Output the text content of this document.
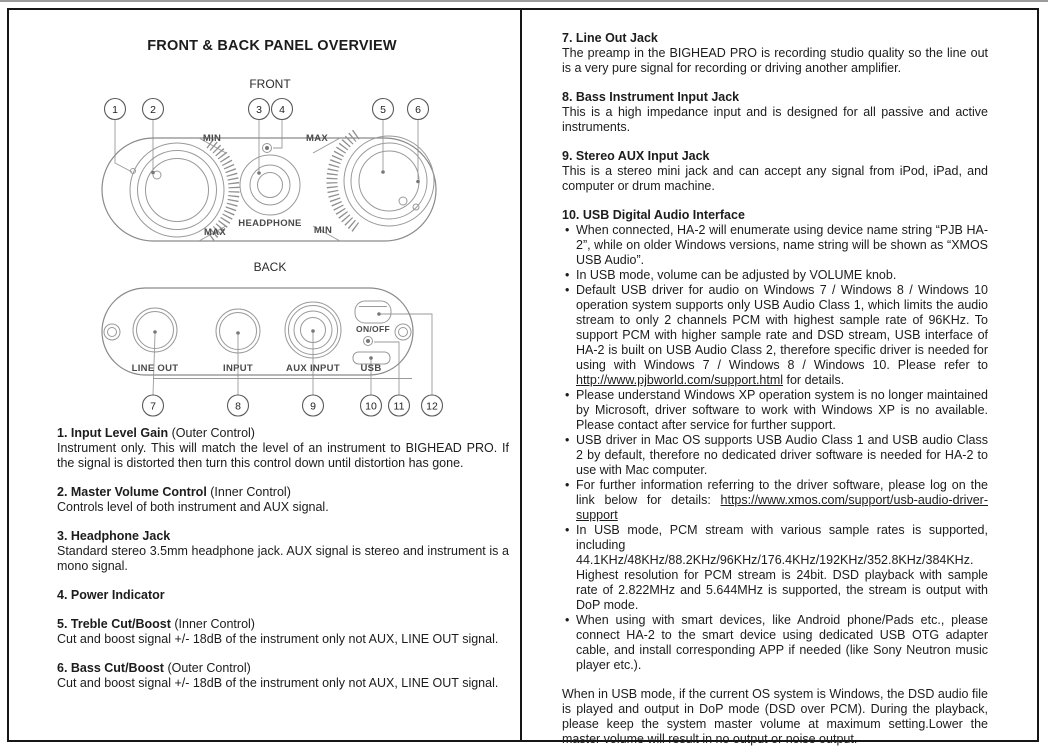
FRONT & BACK PANEL OVERVIEW
FRONT
BACK
MIN
MAX
MAX
MIN
HEADPHONE
1	2	3 4	5	6
LINE OUT	INPUT	AUX INPUT USB
ON/OFF
7	8	9	10 11 12

1. Input Level Gain (Outer Control)

Instrument only. This will match the level of an instrument to BIGHEAD PRO. If the signal is distorted then turn this control down until distortion has gone.

2. Master Volume Control (Inner Control)

Controls level of both instrument and AUX signal.

3. Headphone Jack

Standard stereo 3.5mm headphone jack. AUX signal is stereo and instrument is a mono signal.

4. Power Indicator

5. Treble Cut/Boost (Inner Control)

Cut and boost signal +/- 18dB of the instrument only not AUX, LINE OUT signal.

6. Bass Cut/Boost (Outer Control)

Cut and boost signal +/- 18dB of the instrument only not AUX, LINE OUT signal.

7. Line Out Jack

The preamp in the BIGHEAD PRO is recording studio quality so the line out is a very pure signal for recording or driving another amplifier.

8. Bass Instrument Input Jack

This is a high impedance input and is designed for all passive and active instruments.

9. Stereo AUX Input Jack

This is a stereo mini jack and can accept any signal from iPod, iPad, and computer or drum machine.

10. USB Digital Audio Interface

• When connected, HA-2 will enumerate using device name string “PJB HA-2”, while on older Windows versions, name string will be shown as “XMOS USB Audio”.
• In USB mode, volume can be adjusted by VOLUME knob.
• Default USB driver for audio on Windows 7 / Windows 8 / Windows 10 operation system supports only USB Audio Class 1, which limits the audio stream to only 2 channels PCM with highest sample rate of 96KHz. To support PCM with higher sample rate and DSD stream, USB interface of HA-2 is built on USB Audio Class 2, therefore specific driver is needed for using with Windows 7 / Windows 8 / Windows 10. Please refer to http://www.pjbworld.com/support.html for details.
• Please understand Windows XP operation system is no longer maintained by Microsoft, driver software to work with Windows XP is no available. Please contact after service for further support.
• USB driver in Mac OS supports USB Audio Class 1 and USB audio Class 2 by default, therefore no dedicated driver software is needed for HA-2 to use with Mac computer.
• For further information referring to the driver software, please log on the link below for details: https://www.xmos.com/support/usb-audio-driver-support
• In USB mode, PCM stream with various sample rates is supported, including 44.1KHz/48KHz/88.2KHz/96KHz/176.4KHz/192KHz/352.8KHz/384KHz. Highest resolution for PCM stream is 24bit. DSD playback with sample rate of 2.822MHz and 5.644MHz is supported, the stream is output with DoP mode.
• When using with smart devices, like Android phone/Pads etc., please connect HA-2 to the smart device using dedicated USB OTG adapter cable, and install corresponding APP if needed (like Sony Neutron music player etc.).

When in USB mode, if the current OS system is Windows, the DSD audio file is played and output in DoP mode (DSD over PCM). During the playback, please keep the system master volume at maximum setting.Lower the master volume will result in no output or noise output.
